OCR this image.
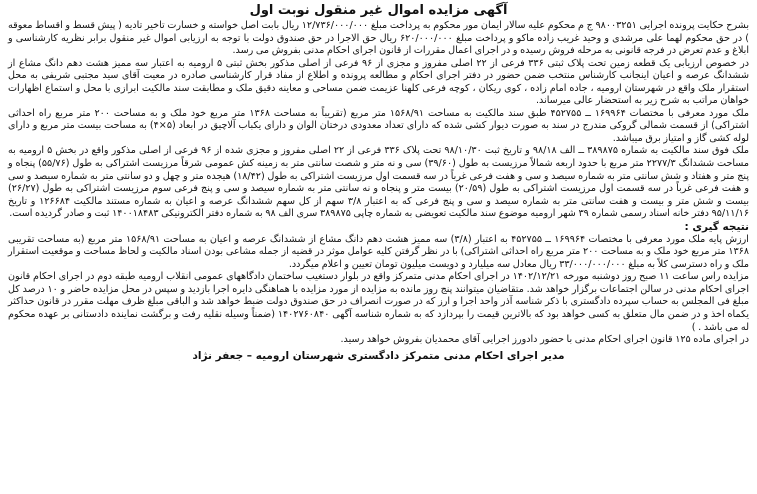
آگهی مزایده اموال غیر منقول نوبت اول

بشرح حکایت پرونده اجرایی ۹۸۰۰۳۲۵۱ ج م محکوم علیه سالار ایمان مور محکوم به پرداخت مبلغ ۱۲/۷۳۶/۰۰۰/۰۰۰ ریال بابت اصل خواسته و خسارت تاخیر تادیه ( پیش قسط و اقساط معوقه ) در حق محکوم لهما علی مرشدی و وحید غریب زاده ماکو و پرداخت مبلغ ۶۲۰/۰۰۰/۰۰۰ ریال حق الاجرا در حق صندوق دولت با توجه به ارزیابی اموال غیر منقول برابر نظریه کارشناسی و ابلاغ و عدم تعرض در فرجه قانونی به مرحله فروش رسیده و در اجرای اعمال مقررات از قانون اجرای احکام مدنی بفروش می رسد.

در خصوص ارزیابی یک قطعه زمین تحت پلاک ثبتی ۳۳۶ فرعی از ۲۲ اصلی مفروز و مجزی از ۹۶ فرعی از اصلی مذکور بخش ثبتی ۵ ارومیه به اعتبار سه ممیز هشت دهم دانگ مشاع از ششدانگ عرصه و اعیان اینجانب کارشناس منتخب ضمن حضور در دفتر اجرای احکام و مطالعه پرونده و اطلاع از مفاد قرار کارشناسی صادره در معیت آقای سید مجتبی شریفی به محل استقرار ملک واقع در شهرستان ارومیه ، جاده امام زاده ، کوی ریکان ، کوچه فرعی کلهنا عزیمت ضمن مساحی و معاینه دقیق ملک و مطابقت سند مالکیت ابرازی با محل و استماع اظهارات خواهان مراتب به شرح زیر به استحضار عالی میرساند.

ملک مورد معرفی با مختصات ۱۶۹۹۶۴ ــ ۴۵۲۷۵۵ طبق سند مالکیت به مساحت ۱۵۶۸/۹۱ متر مربع (تقریباً به مساحت ۱۳۶۸ متر مربع خود ملک و به مساحت ۲۰۰ متر مربع راه احداثی اشتراکی) از قسمت شمالی گروکی مندرج در سند به صورت دیوار کشی شده که دارای تعداد معدودی درختان الوان و دارای یکباب آلاچیق در ابعاد (۵×۴) به مساحت بیست متر مربع و دارای لوله کشی گاز و امتیاز برق میباشد.

ملک فوق سند مالکیت به شماره ۳۸۹۸۷۵ ــ الف ۹۸/۱۸ و تاریخ ثبت ۹۸/۱۰/۳۰ تحت پلاک ۳۳۶ فرعی از ۲۲ اصلی مفروز و مجزی شده از ۹۶ فرعی از اصلی مذکور واقع در بخش ۵ ارومیه به مساحت ششدانگ ۲۲۷۷/۳ متر مربع با حدود اربعه شمالاً مرزیست به طول (۳۹/۶۰) سی و نه متر و شصت سانتی متر به زمینه کش عمومی شرقاً مرزیست اشتراکی به طول (۵۵/۷۶) پنجاه و پنج متر و هفتاد و شش سانتی متر به شماره سیصد و سی و هفت فرعی غرباً در سه قسمت اول مرزیست اشتراکی به طول (۱۸/۴۲) هیجده متر و چهل و دو سانتی متر به شماره سیصد و سی و هفت فرعی غرباً در سه قسمت اول مرزیست اشتراکی به طول (۲۰/۵۹) بیست متر و پنجاه و نه سانتی متر به شماره سیصد و سی و پنج فرعی سوم مرزیست اشتراکی به طول (۲۶/۲۷) بیست و شش متر و بیست و هفت سانتی متر به شماره سیصد و سی و پنج فرعی که به اعتبار ۳/۸ سهم از کل سهم ششدانگ عرصه و اعیان به شماره مستند مالکیت ۱۲۶۶۸۴ و تاریخ ۹۵/۱۱/۱۶ دفتر خانه اسناد رسمی شماره ۳۹ شهر ارومیه موضوع سند مالکیت تعویضی به شماره چاپی ۳۸۹۸۷۵ سری الف ۹۸ به شماره دفتر الکترونیکی ۱۴۰۰۱۸۴۸۳ ثبت و صادر گردیده است.

نتیجه گیری :

ارزش پایه ملک مورد معرفی با مختصات ۱۶۹۹۶۴ ــ ۴۵۲۷۵۵ به اعتبار (۳/۸) سه ممیز هشت دهم دانگ مشاع از ششدانگ عرصه و اعیان به مساحت ۱۵۶۸/۹۱ متر مربع (به مساحت تقریبی ۱۳۶۸ متر مربع خود ملک و به مساحت ۲۰۰ متر مربع راه احداثی اشتراکی) با در نظر گرفتن کلیه عوامل موثر در قضیه از جمله مشاعی بودن اسناد مالکیت و لحاظ مساحت و موقعیت استقرار ملک و راه دسترسی کلاً به مبلغ ۳۳/۰۰۰/۰۰۰/۰۰۰ ریال معادل سه میلیارد و دویست میلیون تومان تعیین و اعلام میگردد.

مزایده راس ساعت ۱۱ صبح روز دوشنبه مورخه ۱۴۰۲/۱۲/۲۱ در اجرای احکام مدنی متمرکز واقع در بلوار دستغیب ساختمان دادگاههای عمومی انقلاب ارومیه طبقه دوم در اجرای احکام قانون اجرای احکام مدنی در سالن اجتماعات برگزار خواهد شد. متقاضیان میتوانند پنج روز مانده به مزایده از مورد مزایده با هماهنگی دایره اجرا بازدید و سپس در محل مزایده حاضر و ۱۰ درصد کل مبلغ فی المجلس به حساب سپرده دادگستری با ذکر شناسه آذر واحد اجرا و ارز که در صورت انصراف در حق صندوق دولت ضبط خواهد شد و الباقی مبلغ ظرف مهلت مقرر در قانون حداکثر یکماه اخذ و در ضمن مال متعلق به کسی خواهد بود که بالاترین قیمت را بپردازد که به شماره شناسه آگهی ۱۴۰۲۷۶۰۸۴۰ (ضمناً وسیله نقلیه رفت و برگشت نماینده دادستانی بر عهده محکوم له می باشد . )

در اجرای ماده ۱۲۵ قانون اجرای احکام مدنی با حضور دادورز اجرایی آقای محمدیان بفروش خواهد رسید.

مدیر اجرای احکام مدنی متمرکز دادگستری شهرستان ارومیه – جعفر نژاد
